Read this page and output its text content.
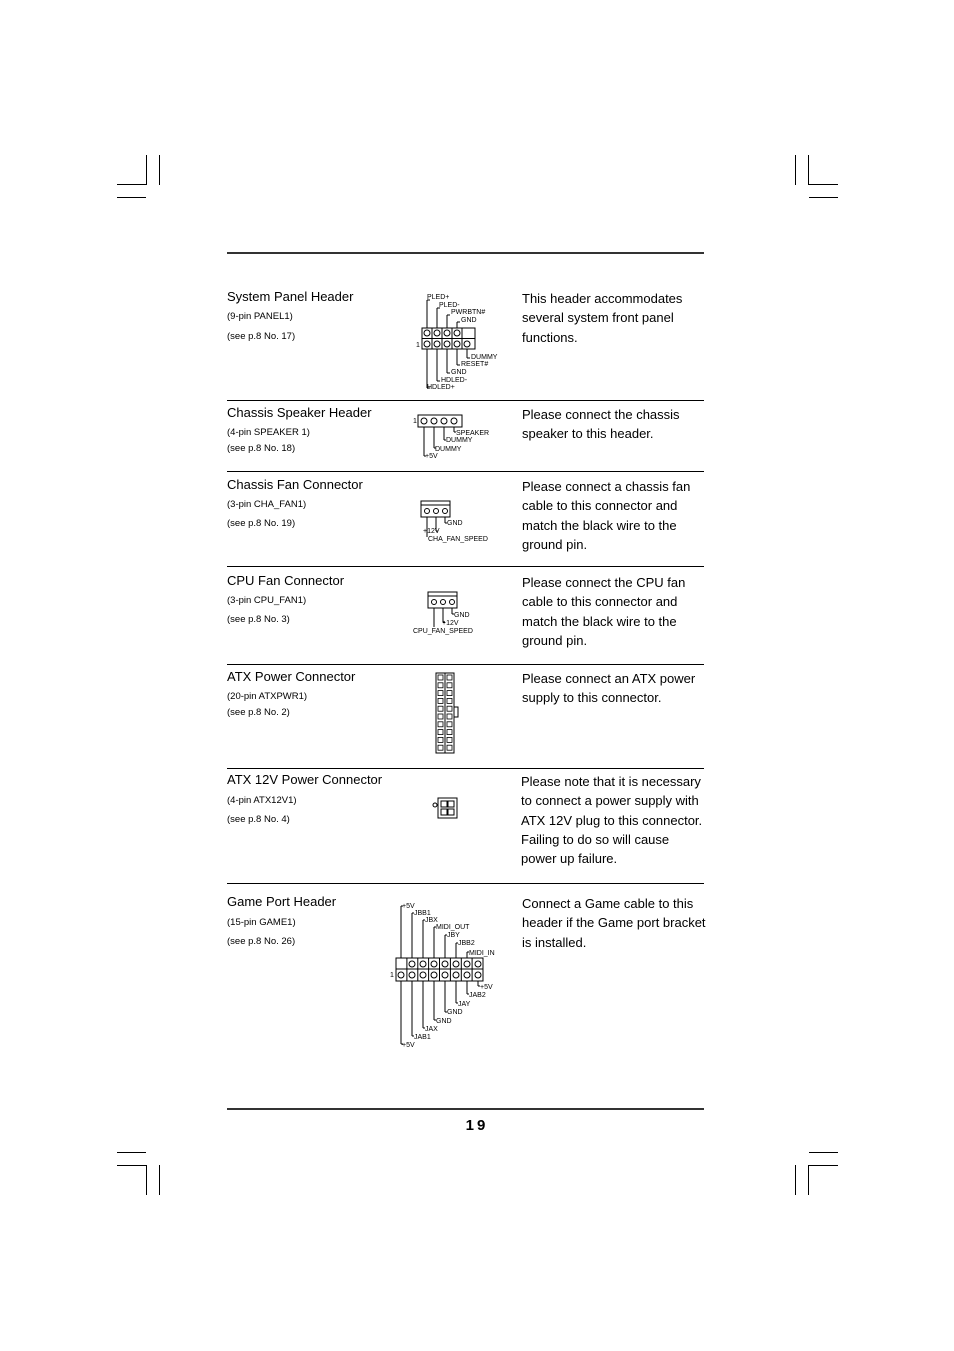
System Panel Header
(9-pin PANEL1)
(see p.8 No. 17)
This header accommodates several system front panel functions.
1
PLED+
PLED-
PWRBTN#
GND
DUMMY
RESET#
GND
HDLED-
HDLED+
Chassis Speaker Header
(4-pin SPEAKER 1)
(see p.8 No. 18)
Please connect the chassis speaker to this header.
1
SPEAKER
DUMMY
DUMMY
+5V
Chassis Fan Connector
(3-pin CHA_FAN1)
(see p.8 No. 19)
Please connect a chassis fan cable to this connector and match the black wire to the ground pin.
GND
+12V
CHA_FAN_SPEED
CPU Fan Connector
(3-pin CPU_FAN1)
(see p.8 No. 3)
Please connect the CPU fan cable to this connector and match the black wire to the ground pin.
GND
+12V
CPU_FAN_SPEED
ATX Power Connector
(20-pin ATXPWR1)
(see p.8 No. 2)
Please connect an ATX power supply to this connector.
ATX 12V Power Connector
(4-pin ATX12V1)
(see p.8 No. 4)
Please note that it is necessary to connect a power supply with ATX 12V plug to this connector. Failing to do so will cause power up failure.
Game Port Header
(15-pin GAME1)
(see p.8 No. 26)
Connect a Game cable to this header if the Game port bracket is installed.
1
+5V
JBB1
JBX
MIDI_OUT
JBY
JBB2
MIDI_IN
+5V
JAB2
JAY
GND
GND
JAX
JAB1
+5V
19
